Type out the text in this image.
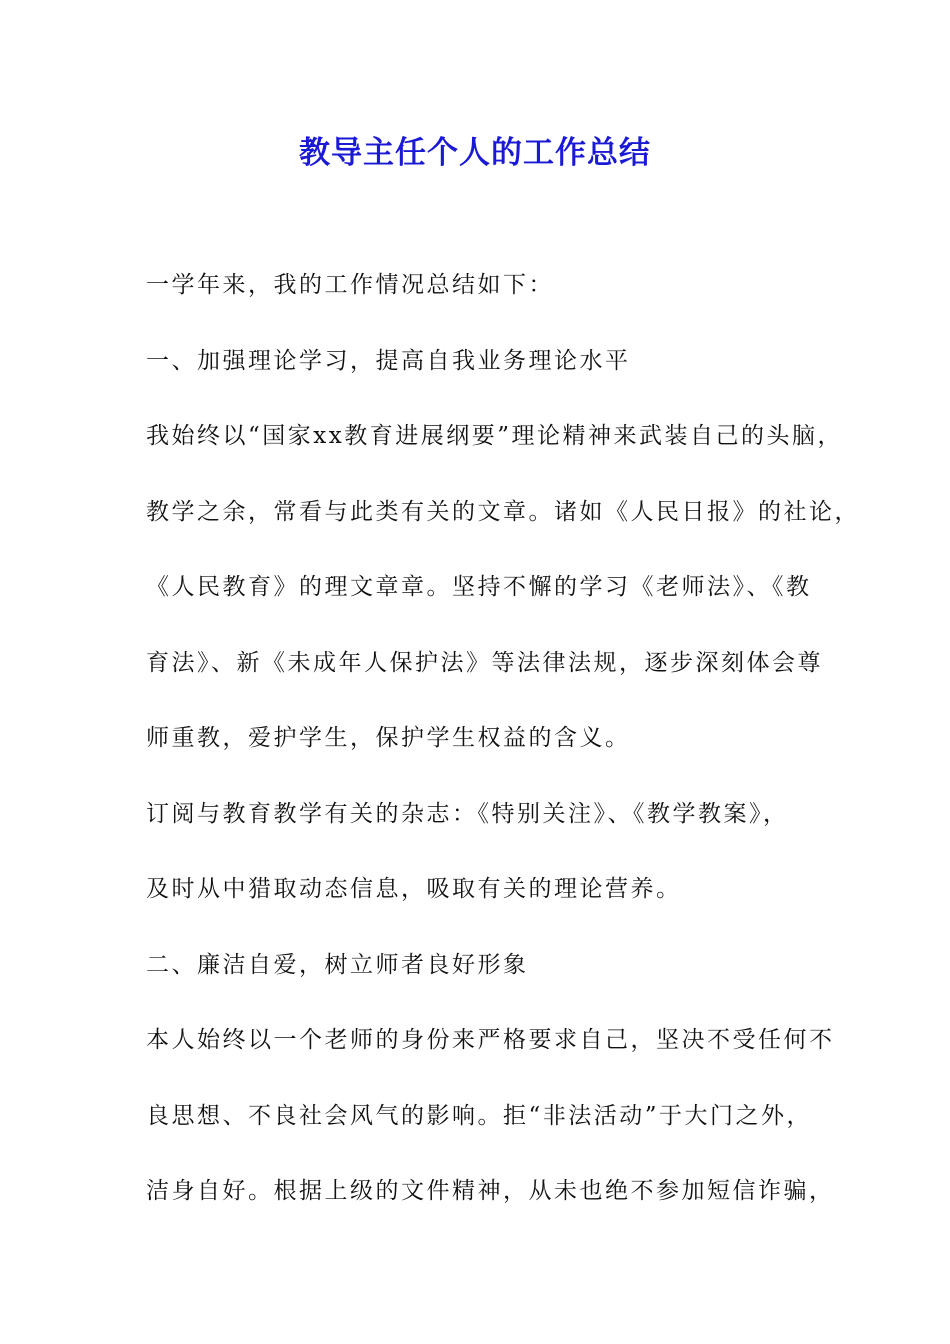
教导主任个人的工作总结

一学年来，我的工作情况总结如下：

一、加强理论学习，提高自我业务理论水平

我始终以“国家xx教育进展纲要”理论精神来武装自己的头脑，

教学之余，常看与此类有关的文章。诸如《人民日报》的社论，

《人民教育》的理文章章。坚持不懈的学习《老师法》、《教

育法》、新《未成年人保护法》等法律法规，逐步深刻体会尊

师重教，爱护学生，保护学生权益的含义。

订阅与教育教学有关的杂志：《特别关注》、《教学教案》，

及时从中猎取动态信息，吸取有关的理论营养。

二、廉洁自爱，树立师者良好形象

本人始终以一个老师的身份来严格要求自己，坚决不受任何不

良思想、不良社会风气的影响。拒“非法活动”于大门之外，

洁身自好。根据上级的文件精神，从未也绝不参加短信诈骗，
